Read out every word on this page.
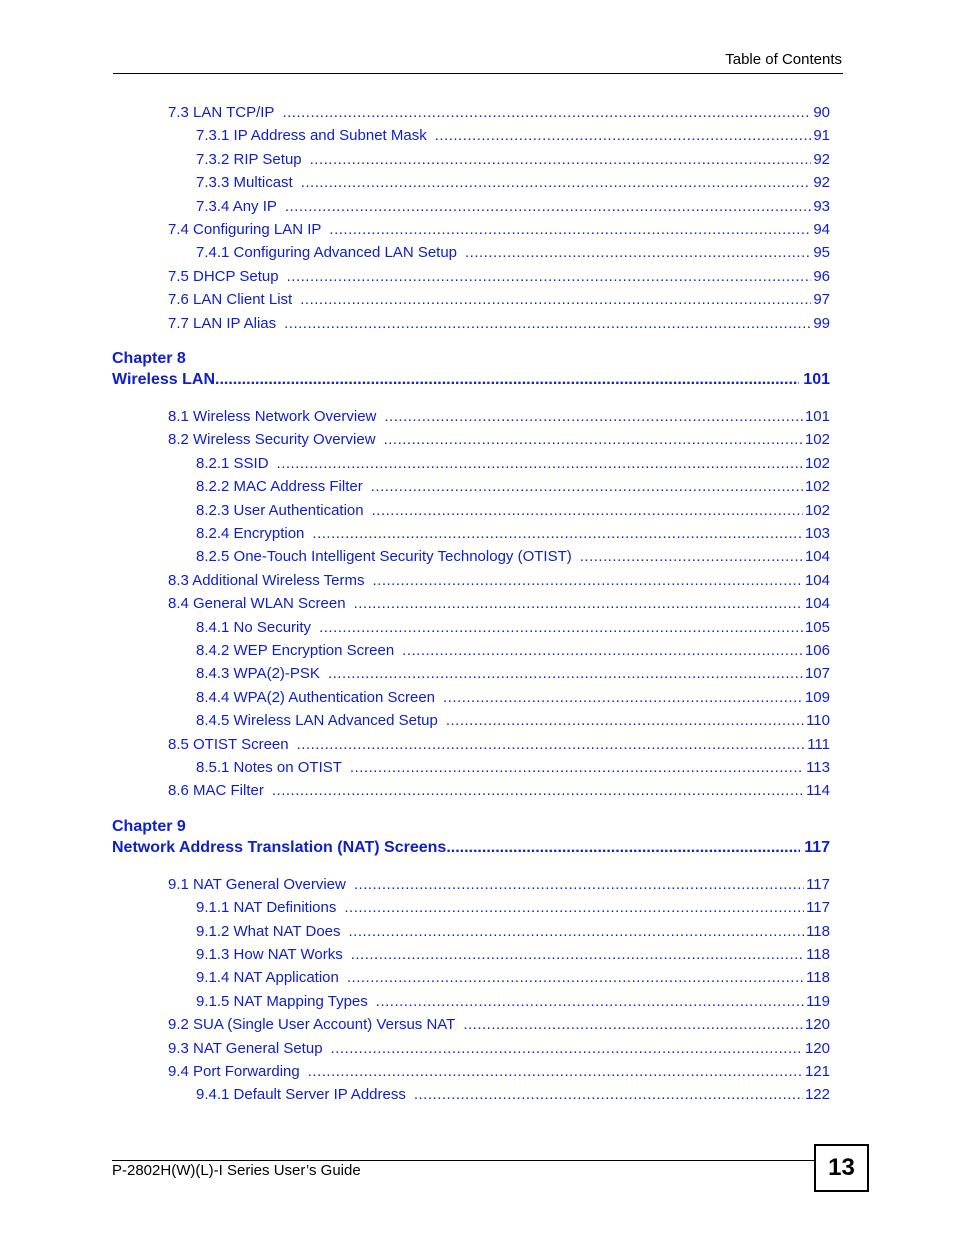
Table of Contents
7.3 LAN TCP/IP .....	90
7.3.1 IP Address and Subnet Mask .....	91
7.3.2 RIP Setup .....	92
7.3.3 Multicast .....	92
7.3.4 Any IP .....	93
7.4 Configuring LAN IP .....	94
7.4.1 Configuring Advanced LAN Setup .....	95
7.5 DHCP Setup .....	96
7.6 LAN Client List .....	97
7.7 LAN IP Alias .....	99
Chapter 8
Wireless LAN .....	101
8.1 Wireless Network Overview .....	101
8.2 Wireless Security Overview .....	102
8.2.1 SSID .....	102
8.2.2 MAC Address Filter .....	102
8.2.3 User Authentication .....	102
8.2.4 Encryption .....	103
8.2.5 One-Touch Intelligent Security Technology (OTIST) .....	104
8.3 Additional Wireless Terms .....	104
8.4 General WLAN Screen .....	104
8.4.1 No Security .....	105
8.4.2 WEP Encryption Screen .....	106
8.4.3 WPA(2)-PSK .....	107
8.4.4 WPA(2) Authentication Screen .....	109
8.4.5 Wireless LAN Advanced Setup .....	110
8.5 OTIST Screen .....	111
8.5.1 Notes on OTIST .....	113
8.6 MAC Filter .....	114
Chapter 9
Network Address Translation (NAT) Screens .....	117
9.1 NAT General Overview .....	117
9.1.1 NAT Definitions .....	117
9.1.2 What NAT Does .....	118
9.1.3 How NAT Works .....	118
9.1.4 NAT Application .....	118
9.1.5 NAT Mapping Types .....	119
9.2 SUA (Single User Account) Versus NAT .....	120
9.3 NAT General Setup .....	120
9.4 Port Forwarding .....	121
9.4.1 Default Server IP Address .....	122
P-2802H(W)(L)-I Series User’s Guide	13
